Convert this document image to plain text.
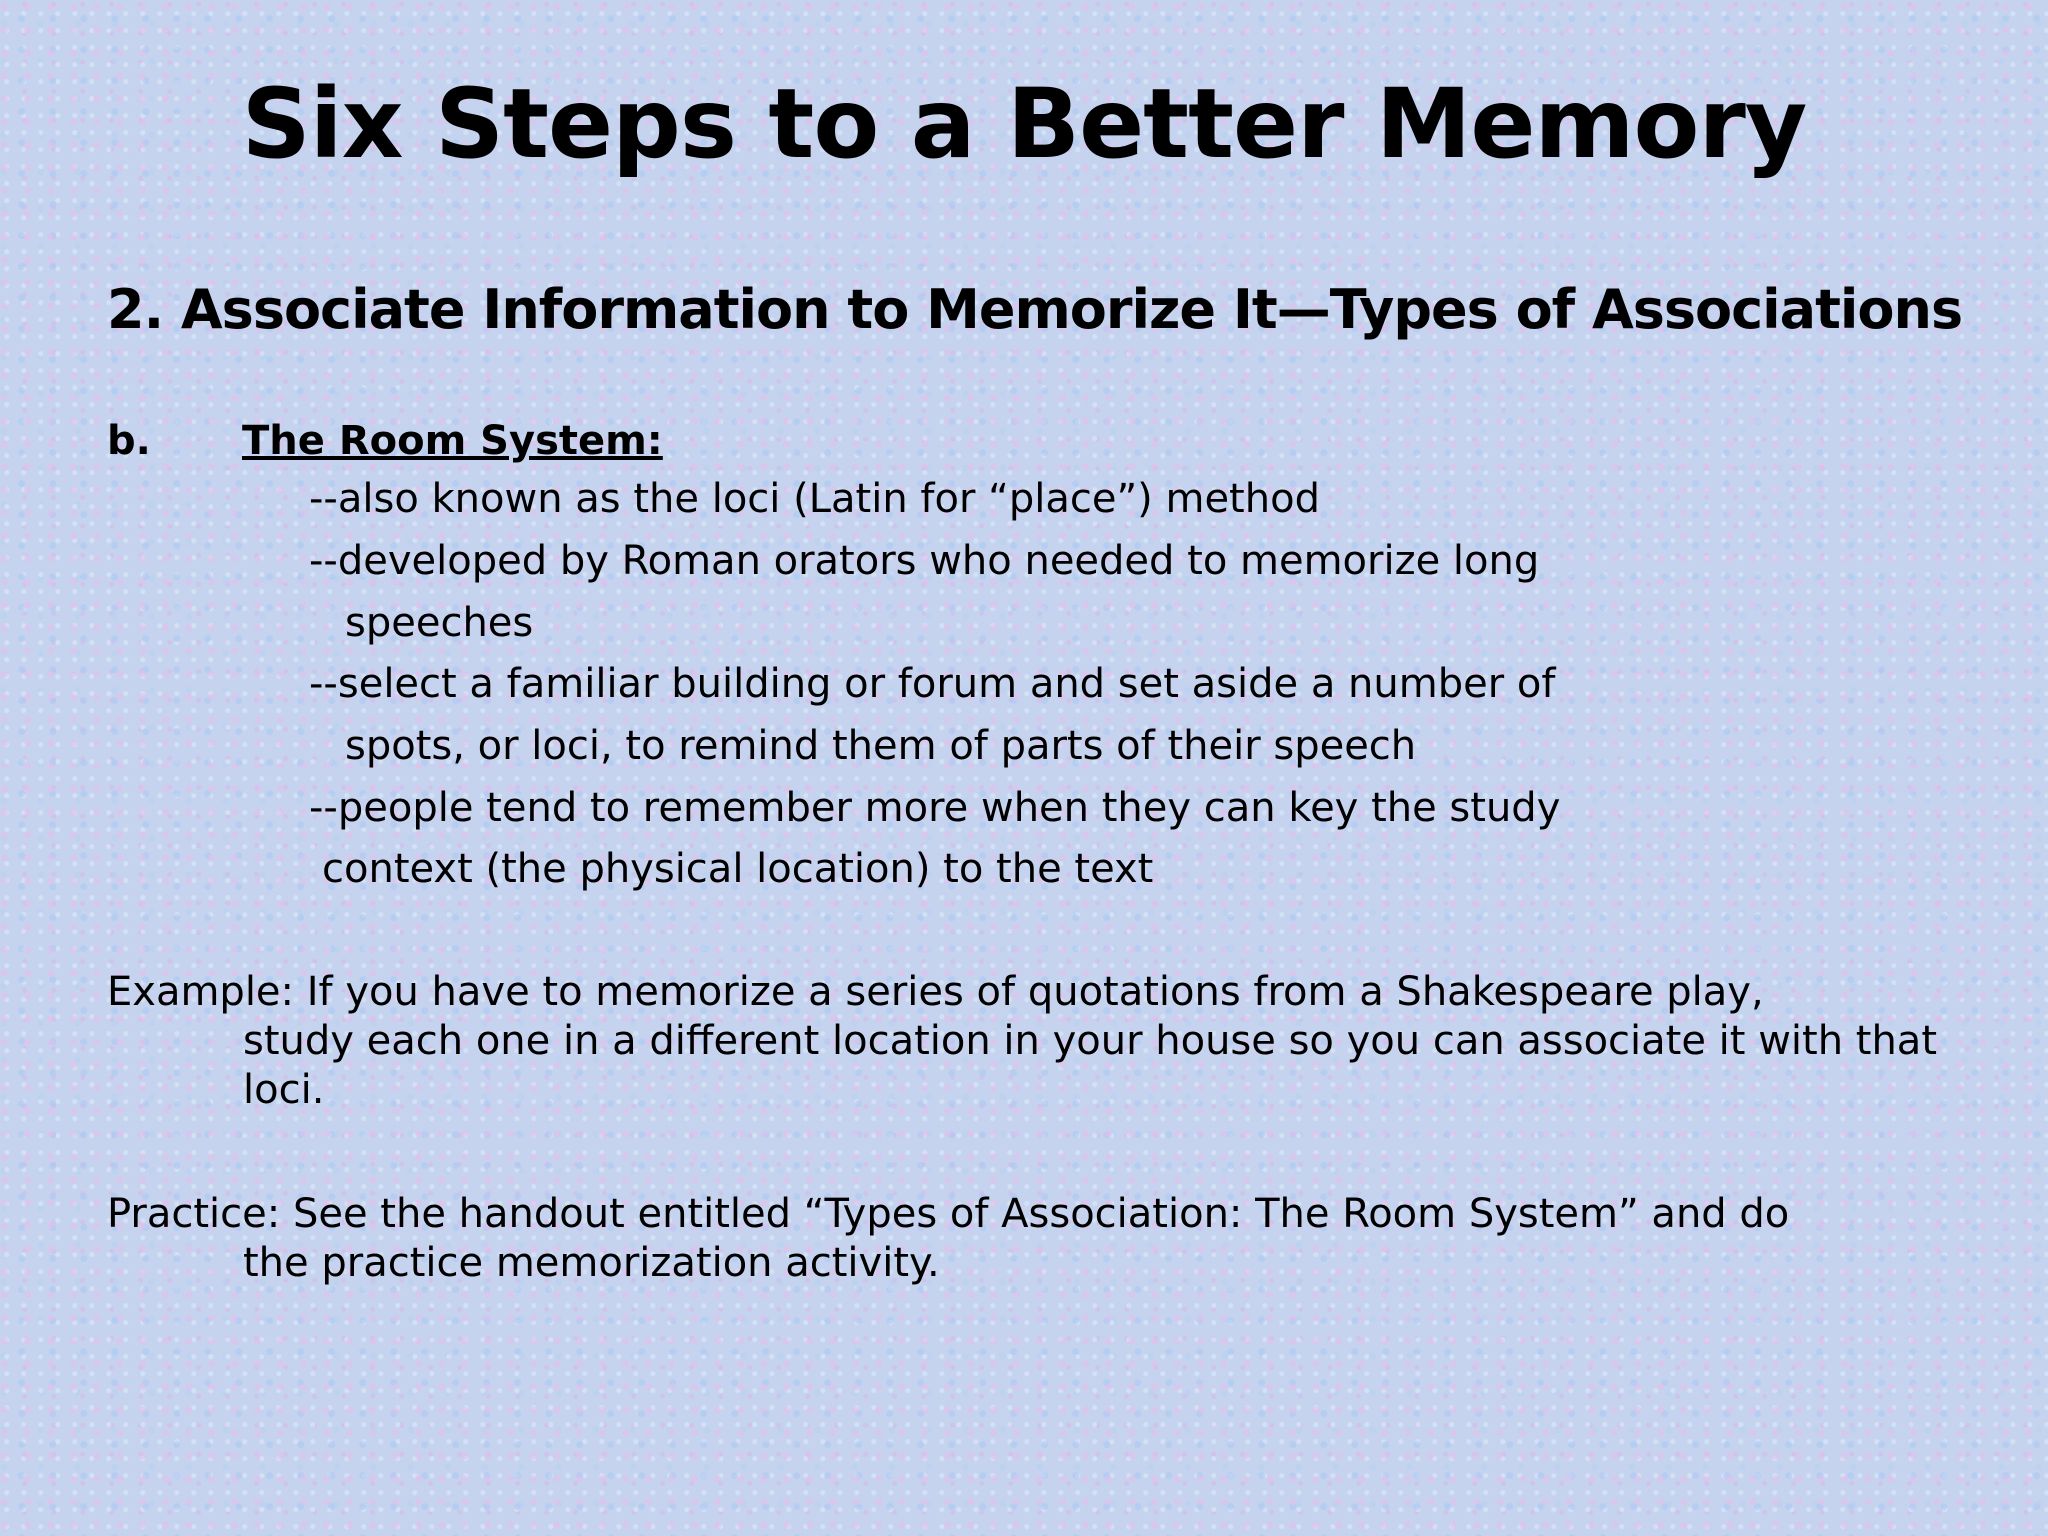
Six Steps to a Better Memory
2. Associate Information to Memorize It—Types of Associations
b. The Room System:
--also known as the loci (Latin for “place”) method
--developed by Roman orators who needed to memorize long
speeches
--select a familiar building or forum and set aside a number of
spots, or loci, to remind them of parts of their speech
--people tend to remember more when they can key the study
context (the physical location) to the text
Example: If you have to memorize a series of quotations from a Shakespeare play,
study each one in a different location in your house so you can associate it with that loci.
Practice: See the handout entitled “Types of Association: The Room System” and do
the practice memorization activity.
